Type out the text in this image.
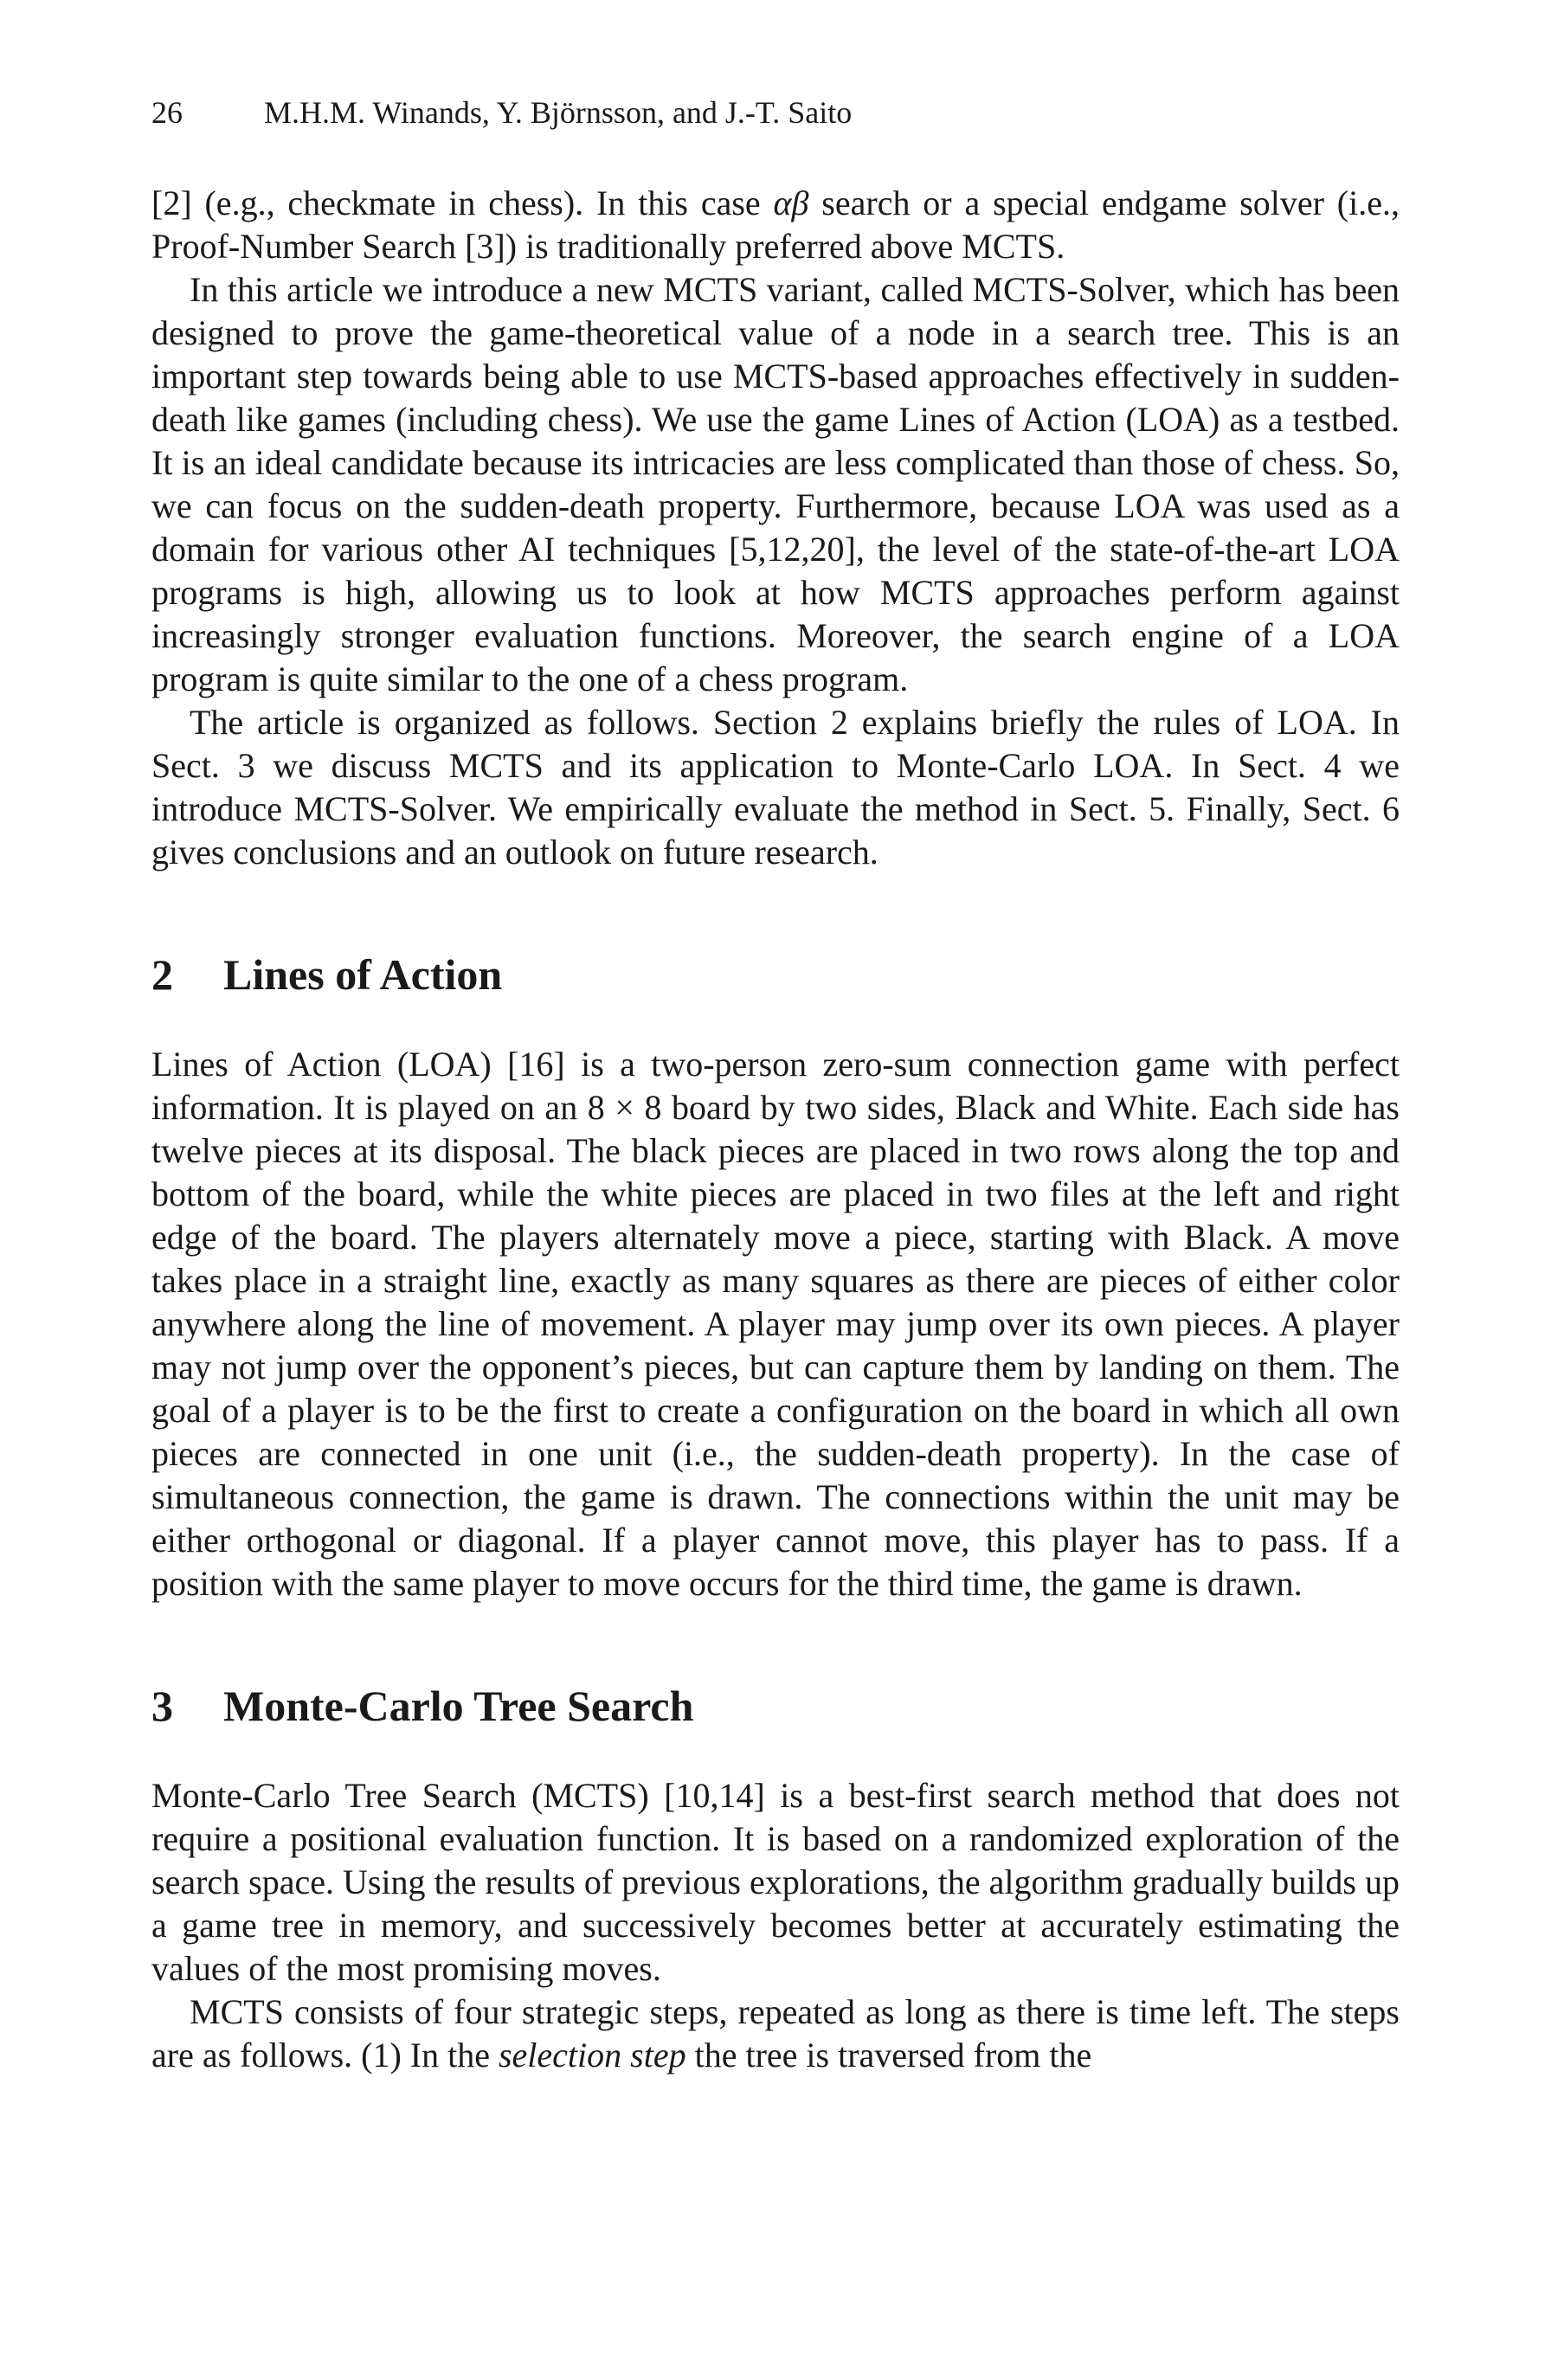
26	M.H.M. Winands, Y. Björnsson, and J.-T. Saito

[2] (e.g., checkmate in chess). In this case αβ search or a special endgame solver (i.e., Proof-Number Search [3]) is traditionally preferred above MCTS.

In this article we introduce a new MCTS variant, called MCTS-Solver, which has been designed to prove the game-theoretical value of a node in a search tree. This is an important step towards being able to use MCTS-based approaches effectively in sudden-death like games (including chess). We use the game Lines of Action (LOA) as a testbed. It is an ideal candidate because its intricacies are less complicated than those of chess. So, we can focus on the sudden-death property. Furthermore, because LOA was used as a domain for various other AI techniques [5,12,20], the level of the state-of-the-art LOA programs is high, allowing us to look at how MCTS approaches perform against increasingly stronger evaluation functions. Moreover, the search engine of a LOA program is quite similar to the one of a chess program.

The article is organized as follows. Section 2 explains briefly the rules of LOA. In Sect. 3 we discuss MCTS and its application to Monte-Carlo LOA. In Sect. 4 we introduce MCTS-Solver. We empirically evaluate the method in Sect. 5. Finally, Sect. 6 gives conclusions and an outlook on future research.

2 Lines of Action

Lines of Action (LOA) [16] is a two-person zero-sum connection game with perfect information. It is played on an 8 × 8 board by two sides, Black and White. Each side has twelve pieces at its disposal. The black pieces are placed in two rows along the top and bottom of the board, while the white pieces are placed in two files at the left and right edge of the board. The players alternately move a piece, starting with Black. A move takes place in a straight line, exactly as many squares as there are pieces of either color anywhere along the line of movement. A player may jump over its own pieces. A player may not jump over the opponent’s pieces, but can capture them by landing on them. The goal of a player is to be the first to create a configuration on the board in which all own pieces are connected in one unit (i.e., the sudden-death property). In the case of simultaneous connection, the game is drawn. The connections within the unit may be either orthogonal or diagonal. If a player cannot move, this player has to pass. If a position with the same player to move occurs for the third time, the game is drawn.

3 Monte-Carlo Tree Search

Monte-Carlo Tree Search (MCTS) [10,14] is a best-first search method that does not require a positional evaluation function. It is based on a randomized exploration of the search space. Using the results of previous explorations, the algorithm gradually builds up a game tree in memory, and successively becomes better at accurately estimating the values of the most promising moves.

MCTS consists of four strategic steps, repeated as long as there is time left. The steps are as follows. (1) In the selection step the tree is traversed from the
